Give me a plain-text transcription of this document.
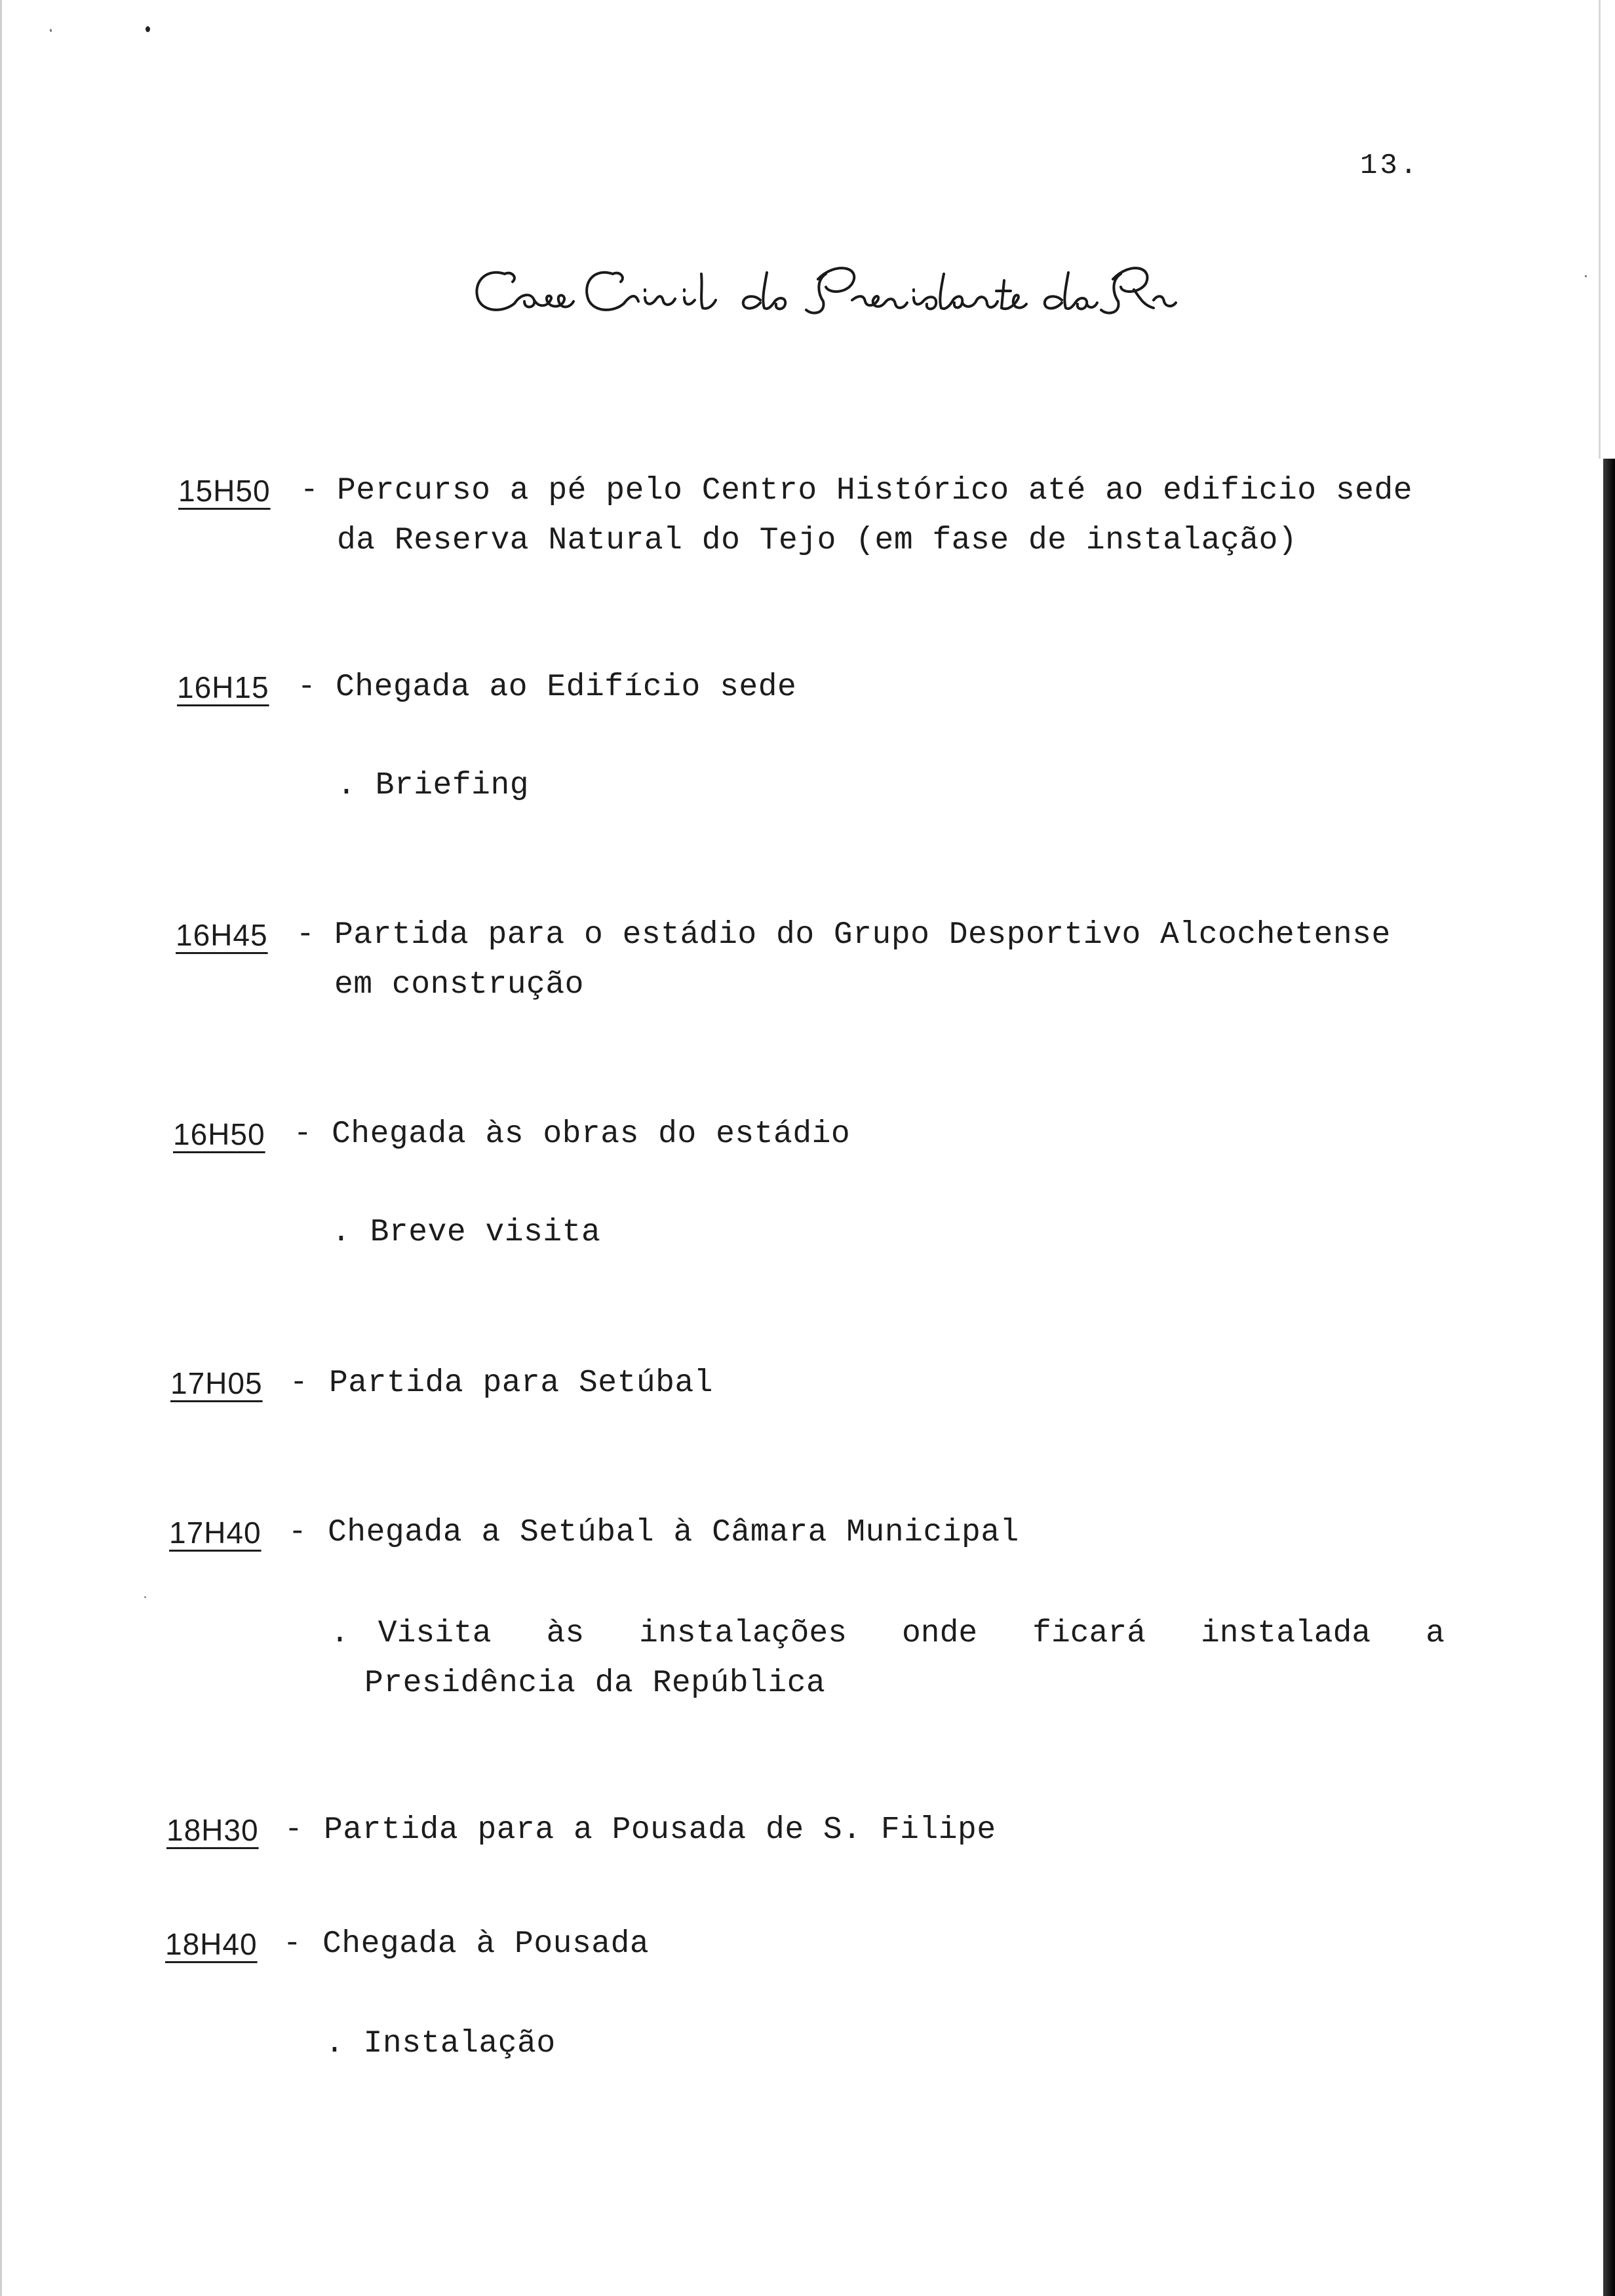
13.
15H50 - Percurso a pé pelo Centro Histórico até ao edificio sede
da Reserva Natural do Tejo (em fase de instalação)
16H15 - Chegada ao Edifício sede
. Briefing
16H45 - Partida para o estádio do Grupo Desportivo Alcochetense
em construção
16H50 - Chegada às obras do estádio
. Breve visita
17H05 - Partida para Setúbal
17H40 - Chegada a Setúbal à Câmara Municipal
. Visita às instalações onde ficará instalada a
Presidência da República
18H30 - Partida para a Pousada de S. Filipe
18H40 - Chegada à Pousada
. Instalação
